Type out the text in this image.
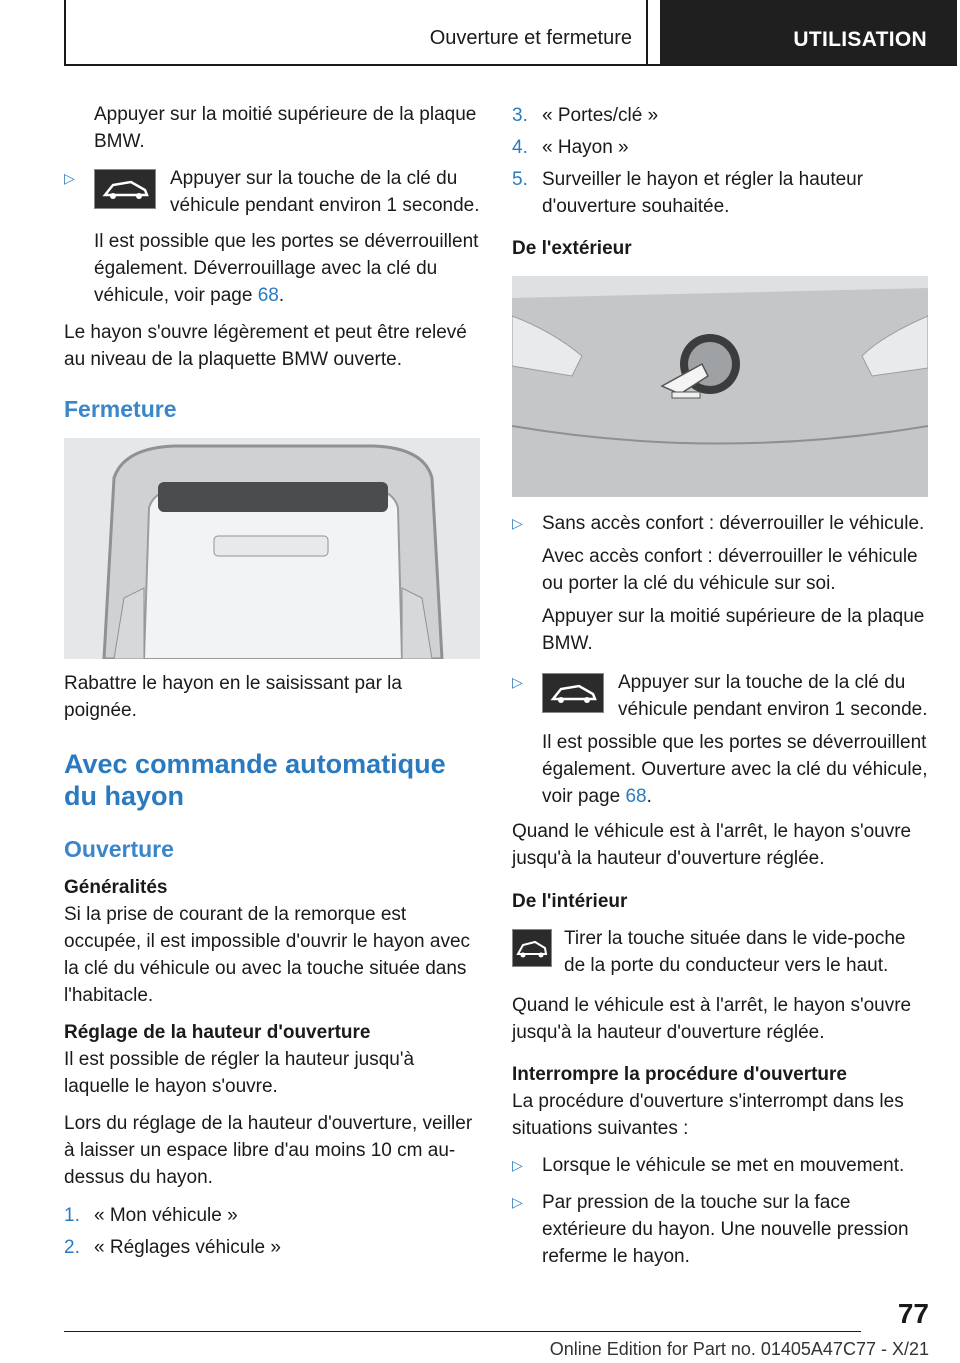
Ouverture et fermeture	UTILISATION

Appuyer sur la moitié supérieure de la plaque BMW.

▷	Appuyer sur la touche de la clé du véhicule pendant environ 1 seconde.

Il est possible que les portes se déverrouillent également. Déverrouillage avec la clé du véhicule, voir page 68.

Le hayon s'ouvre légèrement et peut être relevé au niveau de la plaquette BMW ouverte.

Fermeture

Rabattre le hayon en le saisissant par la poignée.

Avec commande automatique du hayon

Ouverture

Généralités

Si la prise de courant de la remorque est occupée, il est impossible d'ouvrir le hayon avec la clé du véhicule ou avec la touche située dans l'habitacle.

Réglage de la hauteur d'ouverture

Il est possible de régler la hauteur jusqu'à laquelle le hayon s'ouvre.

Lors du réglage de la hauteur d'ouverture, veiller à laisser un espace libre d'au moins 10 cm au-dessus du hayon.

1. « Mon véhicule »
2. « Réglages véhicule »
3. « Portes/clé »
4. « Hayon »
5. Surveiller le hayon et régler la hauteur d'ouverture souhaitée.

De l'extérieur

▷	Sans accès confort : déverrouiller le véhicule.

Avec accès confort : déverrouiller le véhicule ou porter la clé du véhicule sur soi.

Appuyer sur la moitié supérieure de la plaque BMW.

▷	Appuyer sur la touche de la clé du véhicule pendant environ 1 seconde.

Il est possible que les portes se déverrouillent également. Ouverture avec la clé du véhicule, voir page 68.

Quand le véhicule est à l'arrêt, le hayon s'ouvre jusqu'à la hauteur d'ouverture réglée.

De l'intérieur

Tirer la touche située dans le vide-poche de la porte du conducteur vers le haut.

Quand le véhicule est à l'arrêt, le hayon s'ouvre jusqu'à la hauteur d'ouverture réglée.

Interrompre la procédure d'ouverture

La procédure d'ouverture s'interrompt dans les situations suivantes :

▷	Lorsque le véhicule se met en mouvement.

▷	Par pression de la touche sur la face extérieure du hayon. Une nouvelle pression referme le hayon.

77
Online Edition for Part no. 01405A47C77 - X/21
